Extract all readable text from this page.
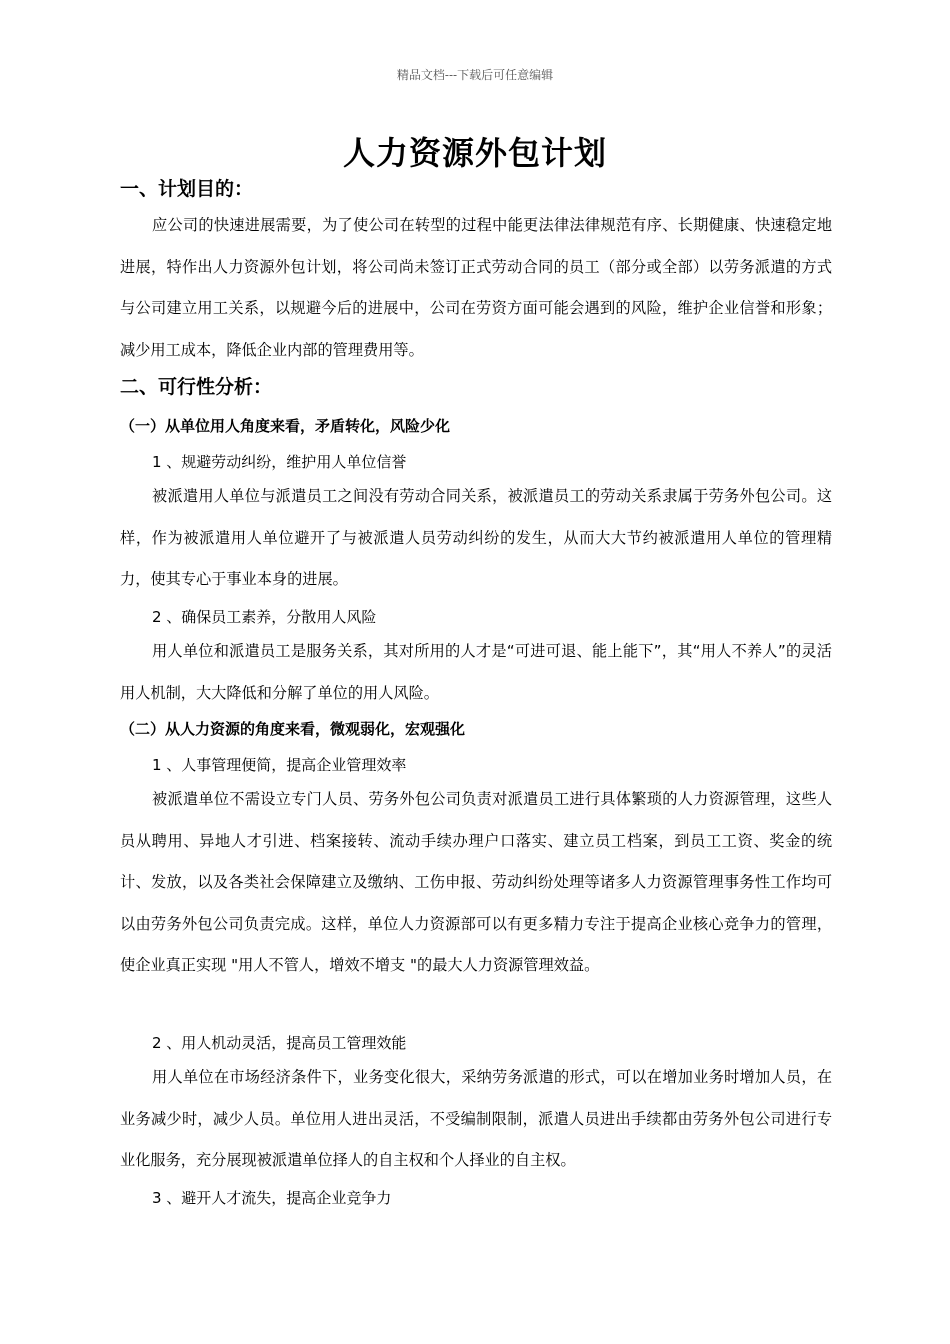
精品文档---下载后可任意编辑
人力资源外包计划
一、计划目的：

应公司的快速进展需要，为了使公司在转型的过程中能更法律法律规范有序、长期健康、快速稳定地进展，特作出人力资源外包计划，将公司尚未签订正式劳动合同的员工（部分或全部）以劳务派遣的方式与公司建立用工关系，以规避今后的进展中，公司在劳资方面可能会遇到的风险，维护企业信誉和形象；减少用工成本，降低企业内部的管理费用等。

二、可行性分析：
（一）从单位用人角度来看，矛盾转化，风险少化
1 、规避劳动纠纷，维护用人单位信誉

被派遣用人单位与派遣员工之间没有劳动合同关系，被派遣员工的劳动关系隶属于劳务外包公司。这样，作为被派遣用人单位避开了与被派遣人员劳动纠纷的发生，从而大大节约被派遣用人单位的管理精力，使其专心于事业本身的进展。

2 、确保员工素养，分散用人风险

用人单位和派遣员工是服务关系，其对所用的人才是“可进可退、能上能下”，其“用人不养人”的灵活用人机制，大大降低和分解了单位的用人风险。

（二）从人力资源的角度来看，微观弱化，宏观强化
1 、人事管理便简，提高企业管理效率

被派遣单位不需设立专门人员、劳务外包公司负责对派遣员工进行具体繁琐的人力资源管理，这些人员从聘用、异地人才引进、档案接转、流动手续办理户口落实、建立员工档案，到员工工资、奖金的统计、发放，以及各类社会保障建立及缴纳、工伤申报、劳动纠纷处理等诸多人力资源管理事务性工作均可以由劳务外包公司负责完成。这样，单位人力资源部可以有更多精力专注于提高企业核心竞争力的管理， 使企业真正实现 "用人不管人，增效不增支 "的最大人力资源管理效益。

2 、用人机动灵活，提高员工管理效能

用人单位在市场经济条件下，业务变化很大，采纳劳务派遣的形式，可以在增加业务时增加人员，在业务减少时，减少人员。单位用人进出灵活，不受编制限制，派遣人员进出手续都由劳务外包公司进行专业化服务，充分展现被派遣单位择人的自主权和个人择业的自主权。

3 、避开人才流失，提高企业竞争力
